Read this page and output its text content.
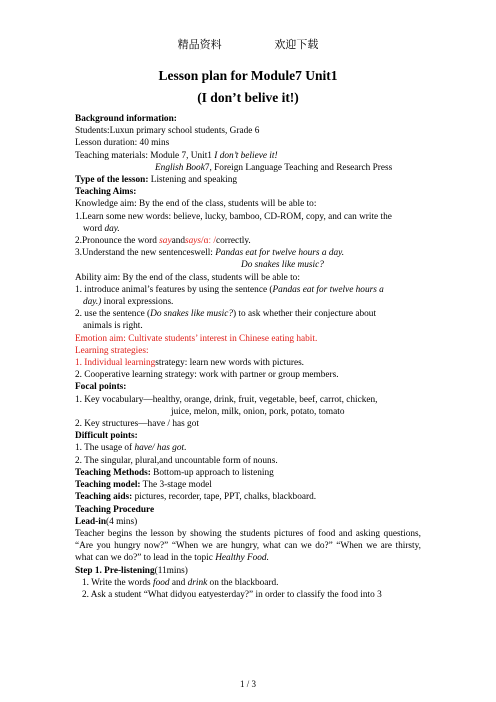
精品资料	欢迎下载
Lesson plan for Module7 Unit1
(I don’t belive it!)
Background information:
Students:Luxun primary school students, Grade 6
Lesson duration: 40 mins
Teaching materials: Module 7, Unit1 I don’t believe it!
English Book7, Foreign Language Teaching and Research Press
Type of the lesson: Listening and speaking
Teaching Aims:
Knowledge aim: By the end of the class, students will be able to:
1.Learn some new words: believe, lucky, bamboo, CD-ROM, copy, and can write the
word day.
2.Pronounce the word sayandsays/ɑː /correctly.
3.Understand the new sentenceswell: Pandas eat for twelve hours a day.
Do snakes like music?
Ability aim: By the end of the class, students will be able to:
1. introduce animal’s features by using the sentence (Pandas eat for twelve hours a
day.) inoral expressions.
2. use the sentence (Do snakes like music?) to ask whether their conjecture about
animals is right.
Emotion aim: Cultivate students’ interest in Chinese eating habit.
Learning strategies:
1. Individual learningstrategy: learn new words with pictures.
2. Cooperative learning strategy: work with partner or group members.
Focal points:
1. Key vocabulary—healthy, orange, drink, fruit, vegetable, beef, carrot, chicken,
juice, melon, milk, onion, pork, potato, tomato
2. Key structures—have / has got
Difficult points:
1. The usage of have/ has got.
2. The singular, plural,and uncountable form of nouns.
Teaching Methods: Bottom-up approach to listening
Teaching model: The 3-stage model
Teaching aids: pictures, recorder, tape, PPT, chalks, blackboard.
Teaching Procedure
Lead-in(4 mins)
Teacher begins the lesson by showing the students pictures of food and asking questions, “Are you hungry now?” “When we are hungry, what can we do?” “When we are thirsty, what can we do?” to lead in the topic Healthy Food.
Step 1. Pre-listening(11mins)
1. Write the words food and drink on the blackboard.
2. Ask a student “What didyou eatyesterday?” in order to classify the food into 3
1 / 3
